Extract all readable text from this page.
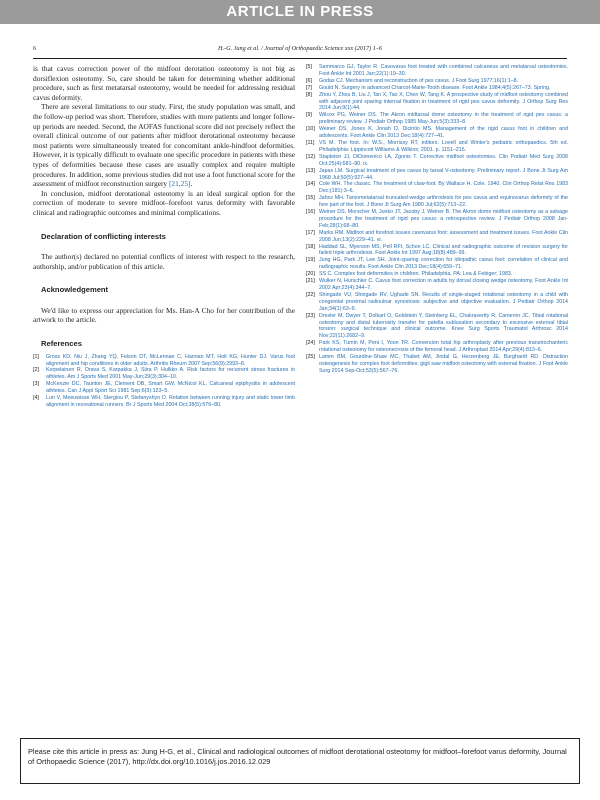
ARTICLE IN PRESS
6	H.-G. Jung et al. / Journal of Orthopaedic Science xxx (2017) 1–6

is that cavus correction power of the midfoot derotation osteotomy is not big as dorsiflexion osteotomy. So, care should be taken for determining whether additional procedure, such as first metatarsal osteotomy, would be needed for addressing residual cavus deformity.

There are several limitations to our study. First, the study population was small, and the follow-up period was short. Therefore, studies with more patients and longer follow-up periods are needed. Second, the AOFAS functional score did not precisely reflect the overall clinical outcome of our patients after midfoot derotational osteotomy because most patients were simultaneously treated for concomitant ankle-hindfoot deformities. However, it is typically difficult to evaluate one specific procedure in patients with these types of deformities because these cases are usually complex and require multiple procedures. In addition, some previous studies did not use a foot functional score for the assessment of midfoot reconstruction surgery [21,25].

In conclusion, midfoot derotational osteotomy is an ideal surgical option for the correction of moderate to severe midfoot–forefoot varus deformity with favorable clinical and radiographic outcomes and minimal complications.

Declaration of conflicting interests

The author(s) declared no potential conflicts of interest with respect to the research, authorship, and/or publication of this article.

Acknowledgement

We'd like to express our appreciation for Ms. Han-A Cho for her contribution of the artwork to the article.

References

[1]	Gross KD, Niu J, Zhang YQ, Felson DT, McLennan C, Hannan MT, Holt KG, Hunter DJ. Varus foot alignment and hip conditions in older adults. Arthritis Rheum 2007 Sep;56(9):2993–8.
[2]	Korpelainen R, Orava S, Karpakka J, Siira P, Hulkko A. Risk factors for recurrent stress fractures in athletes. Am J Sports Med 2001 May-Jun;29(3):304–10.
[3]	McKenzie DC, Taunton JE, Clement DB, Smart GW, McNicol KL. Calcaneal epiphysitis in adolescent athletes. Can J Appl Sport Sci 1981 Sep;6(3):123–5.
[4]	Lun V, Meeuwisse WH, Stergiou P, Stefanyshyn D. Relation between running injury and static lower limb alignment in recreational runners. Br J Sports Med 2004 Oct;38(5):576–80.
[5]	Sammarco GJ, Taylor R. Cavovarus foot treated with combined calcaneus and metatarsal osteotomies. Foot Ankle Int 2001 Jan;22(1):19–30.
[6]	Godas CJ. Mechanism and reconstruction of pes cavus. J Foot Surg 1977;16(1):1–8.
[7]	Gould N. Surgery in advanced Charcot-Marie-Tooth disease. Foot Ankle 1984;4(5):267–73. Spring.
[8]	Zhou Y, Zhou B, Liu J, Tan X, Tao X, Chen W, Tang K. A prospective study of midfoot osteotomy combined with adjacent joint sparing internal fixation in treatment of rigid pes cavus deformity. J Orthop Surg Res 2014 Jun;9(1):44.
[9]	Wilcox PG, Weiner DS. The Akron midtarsal dome osteotomy in the treatment of rigid pes cavus: a preliminary review. J Pediatr Orthop 1985 May-Jun;5(3):333–8.
[10] Weiner DS, Jones K, Jonah D, Dicintio MS. Management of the rigid cavus foot in children and adolescents. Foot Ankle Clin 2013 Dec;18(4):727–41.
[11] VS M. The foot. In: W.S., Morrissy RT, editors. Lovell and Winter's pediatric orthopaedics. 5th ed. Philadelphia: Lippincott Williams & Wilkins; 2001. p. 1151–215.
[12] Stapleton JJ, DiDomenico LA, Zgonis T. Corrective midfoot osteotomies. Clin Podiatr Med Surg 2008 Oct;25(4):681–90. ix.
[13] Japas LM. Surgical treatment of pes cavus by tarsal V-osteotomy. Preliminary report. J Bone Jt Surg Am 1968 Jul;50(5):927–44.
[14] Cole WH. The classic. The treatment of claw-foot. By Wallace H. Cole. 1940. Clin Orthop Relat Res 1983 Dec;(181):3–6.
[15] Jahss MH. Tarsometatarsal truncated-wedge arthrodesis for pes cavus and equinovarus deformity of the fore part of the foot. J Bone Jt Surg Am 1980 Jul;62(5):713–22.
[16] Weiner DS, Morscher M, Junko JT, Jacoby J, Weiner B. The Akron dome midfoot osteotomy as a salvage procedure for the treatment of rigid pes cavus: a retrospective review. J Pediatr Orthop 2008 Jan-Feb;28(1):68–80.
[17] Marks RM. Midfoot and forefoot issues cavovarus foot: assessment and treatment issues. Foot Ankle Clin 2008 Jun;13(2):229–41. vi.
[18] Haddad SL, Myerson MS, Pell RFt, Schon LC. Clinical and radiographic outcome of revision surgery for failed triple arthrodesis. Foot Ankle Int 1997 Aug;18(8):489–99.
[19] Jung HG, Park JT, Lee SH. Joint-sparing correction for idiopathic cavus foot: correlation of clinical and radiographic results. Foot Ankle Clin 2013 Dec;18(4):659–71.
[20] SS C. Complex foot deformities in children. Philadelphia, PA: Lea & Febiger; 1983.
[21] Wulker N, Hurschler C. Cavus foot correction in adults by dorsal closing wedge osteotomy. Foot Ankle Int 2002 Apr;23(4):344–7.
[22] Shingade VU, Shingade RV, Ughade SN. Results of single-staged rotational osteotomy in a child with congenital proximal radioulnar synostosis: subjective and objective evaluation. J Pediatr Orthop 2014 Jan;34(1):63–9.
[23] Drexler M, Dwyer T, Dolkart O, Goldstein Y, Steinberg EL, Chakravertty R, Cameron JC. Tibial rotational osteotomy and distal tuberosity transfer for patella subluxation secondary to excessive external tibial torsion: surgical technique and clinical outcome. Knee Surg Sports Traumatol Arthrosc 2014 Nov;22(11):2682–9.
[24] Park KS, Tumin M, Peni I, Yoon TR. Conversion total hip arthroplasty after previous transtrochanteric rotational osteotomy for osteonecrosis of the femoral head. J Arthroplast 2014 Apr;29(4):813–6.
[25] Lamm BM, Gourdine-Shaw MC, Thabet AM, Jindal G, Herzenberg JE, Burghardt RD. Distraction osteogenesis for complex foot deformities: gigli saw midfoot osteotomy with external fixation. J Foot Ankle Surg 2014 Sep-Oct;53(5):567–76.
Please cite this article in press as: Jung H-G, et al., Clinical and radiological outcomes of midfoot derotational osteotomy for midfoot–forefoot varus deformity, Journal of Orthopaedic Science (2017), http://dx.doi.org/10.1016/j.jos.2016.12.029
